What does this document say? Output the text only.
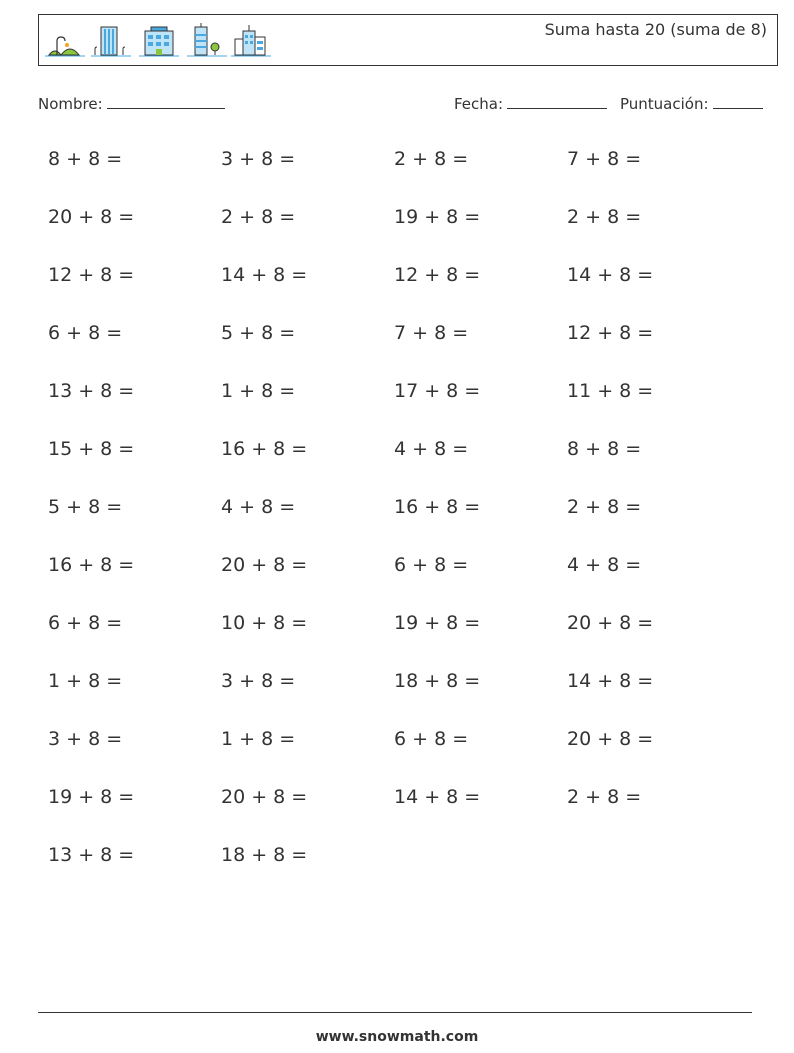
Suma hasta 20 (suma de 8)
Nombre:	Fecha:	Puntuación:
8 + 8 =	3 + 8 =	2 + 8 =	7 + 8 =
20 + 8 =	2 + 8 =	19 + 8 =	2 + 8 =
12 + 8 =	14 + 8 =	12 + 8 =	14 + 8 =
6 + 8 =	5 + 8 =	7 + 8 =	12 + 8 =
13 + 8 =	1 + 8 =	17 + 8 =	11 + 8 =
15 + 8 =	16 + 8 =	4 + 8 =	8 + 8 =
5 + 8 =	4 + 8 =	16 + 8 =	2 + 8 =
16 + 8 =	20 + 8 =	6 + 8 =	4 + 8 =
6 + 8 =	10 + 8 =	19 + 8 =	20 + 8 =
1 + 8 =	3 + 8 =	18 + 8 =	14 + 8 =
3 + 8 =	1 + 8 =	6 + 8 =	20 + 8 =
19 + 8 =	20 + 8 =	14 + 8 =	2 + 8 =
13 + 8 =	18 + 8 =
www.snowmath.com
